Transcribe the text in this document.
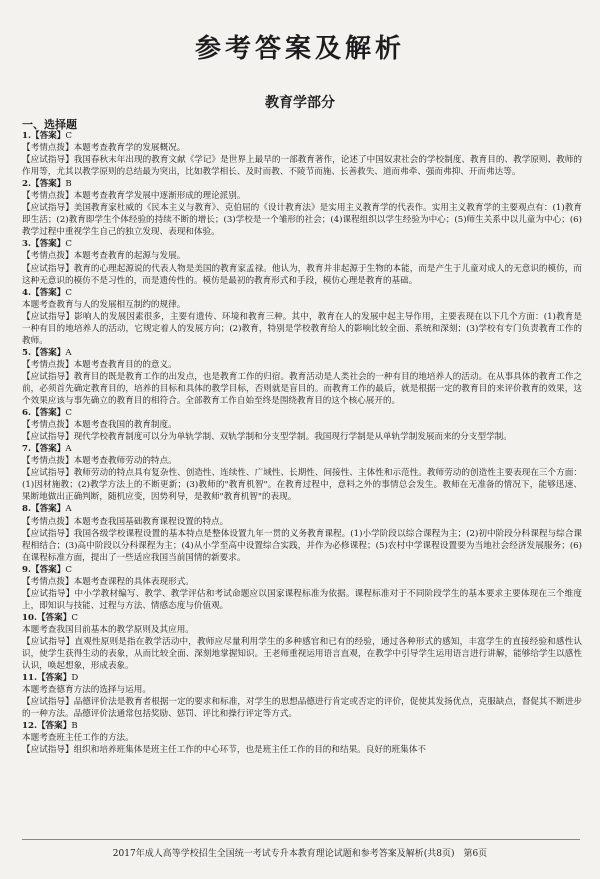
参考答案及解析
教育学部分
一、选择题
1.【答案】C
【考情点拨】本题考查教育学的发展概况。
【应试指导】我国春秋末年出现的教育文献《学记》是世界上最早的一部教育著作，论述了中国奴隶社会的学校制度、教育目的、教学原则、教师的作用等，尤其以教学原则的总结最为突出，比如教学相长、及时而教、不陵节而施、长善救失、道而弗牵、强而弗抑、开而弗达等。
2.【答案】B
【考情点拨】本题考查教育学发展中逐渐形成的理论派别。
【应试指导】美国教育家杜威的《民本主义与教育》、克伯屈的《设计教育法》是实用主义教育学的代表作。实用主义教育学的主要观点有：(1)教育即生活；(2)教育即学生个体经验的持续不断的增长；(3)学校是一个雏形的社会；(4)课程组织以学生经验为中心；(5)师生关系中以儿童为中心；(6)教学过程中重视学生自己的独立发现、表现和体验。
3.【答案】C
【考情点拨】本题考查教育的起源与发展。
【应试指导】教育的心理起源说的代表人物是美国的教育家孟禄。他认为，教育并非起源于生物的本能，而是产生于儿童对成人的无意识的模仿，而这种无意识的模仿不是习性的，而是遗传性的。模仿是最初的教育形式和手段，模仿心理是教育的基础。
4.【答案】C
本题考查教育与人的发展相互制约的规律。
【应试指导】影响人的发展因素很多，主要有遗传、环境和教育三种。其中，教育在人的发展中起主导作用，主要表现在以下几个方面：(1)教育是一种有目的地培养人的活动，它规定着人的发展方向；(2)教育，特别是学校教育给人的影响比较全面、系统和深刻；(3)学校有专门负责教育工作的教师。
5.【答案】A
【考情点拨】本题考查教育目的的意义。
【应试指导】教育目的既是教育工作的出发点，也是教育工作的归宿。教育活动是人类社会的一种有目的地培养人的活动。在从事具体的教育工作之前，必须首先确定教育目的，培养的目标和具体的教学目标，否则就是盲目的。而教育工作的最后，就是根据一定的教育目的来评价教育的效果，这个效果应该与事先确立的教育目的相符合。全部教育工作自始至终是围绕教育目的这个核心展开的。
6.【答案】C
【考情点拨】本题考查我国的教育制度。
【应试指导】现代学校教育制度可以分为单轨学制、双轨学制和分支型学制。我国现行学制是从单轨学制发展而来的分支型学制。
7.【答案】A
【考情点拨】本题考查教师劳动的特点。
【应试指导】教师劳动的特点具有复杂性、创造性、连续性、广域性、长期性、间接性、主体性和示范性。教师劳动的创造性主要表现在三个方面：(1)因材施教；(2)教学方法上的不断更新；(3)教师的"教育机智"。在教育过程中，意料之外的事情总会发生。教师在无准备的情况下，能够迅速、果断地做出正确判断，随机应变，因势利导，是教师"教育机智"的表现。
8.【答案】A
【考情点拨】本题考查我国基础教育课程设置的特点。
【应试指导】我国各级学校课程设置的基本特点是整体设置九年一贯的义务教育课程。(1)小学阶段以综合课程为主；(2)初中阶段分科课程与综合课程相结合；(3)高中阶段以分科课程为主；(4)从小学至高中设置综合实践，并作为必修课程；(5)农村中学课程设置要为当地社会经济发展服务；(6)在课程标准方面，提出了一些适应我国当前国情的新要求。
9.【答案】C
【考情点拨】本题考查课程的具体表现形式。
【应试指导】中小学教材编写、教学、教学评估和考试命题应以国家课程标准为依据。课程标准对于不同阶段学生的基本要求主要体现在三个维度上，即知识与技能、过程与方法、情感态度与价值观。
10.【答案】C
本题考查我国目前基本的教学原则及其应用。
【应试指导】直观性原则是指在教学活动中，教师应尽量利用学生的多种感官和已有的经验，通过各种形式的感知，丰富学生的直接经验和感性认识，使学生获得生动的表象，从而比较全面、深刻地掌握知识。王老师重视运用语言直观，在教学中引导学生运用语言进行讲解，能够给学生以感性认识，唤起想象，形成表象。
11.【答案】D
本题考查德育方法的选择与运用。
【应试指导】品德评价法是教育者根据一定的要求和标准，对学生的思想品德进行肯定或否定的评价，促使其发扬优点，克服缺点，督促其不断进步的一种方法。品德评价法通常包括奖励、惩罚、评比和操行评定等方式。
12.【答案】B
本题考查班主任工作的方法。
【应试指导】组织和培养班集体是班主任工作的中心环节，也是班主任工作的目的和结果。良好的班集体不
2017年成人高等学校招生全国统一考试专升本教育理论试题和参考答案及解析(共8页)　第6页
